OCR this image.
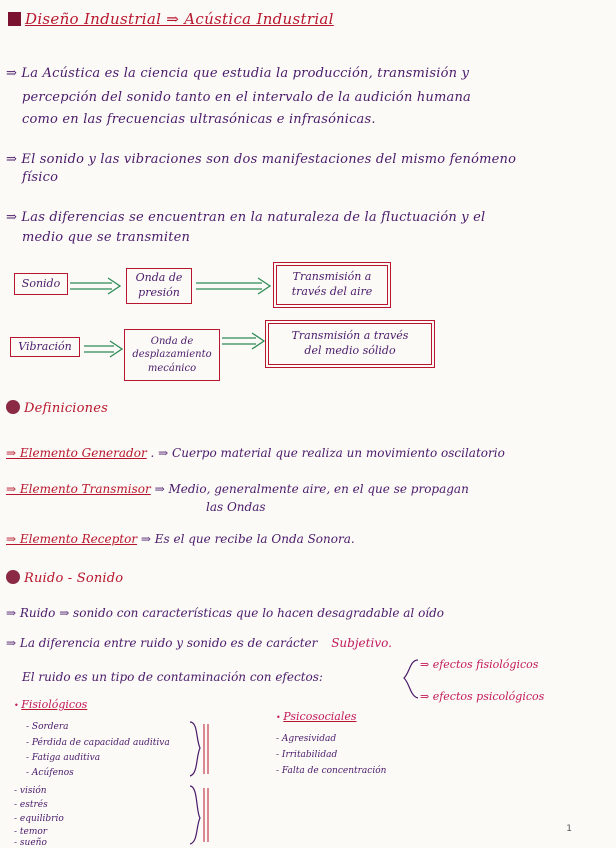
Diseño Industrial ⇒ Acústica Industrial
⇒ La Acústica es la ciencia que estudia la producción, transmisión y
percepción del sonido tanto en el intervalo de la audición humana
como en las frecuencias ultrasónicas e infrasónicas.
⇒ El sonido y las vibraciones son dos manifestaciones del mismo fenómeno
físico
⇒ Las diferencias se encuentran en la naturaleza de la fluctuación y el
medio que se transmiten
Sonido	Onda de
presión
Transmisión a
través del aire
Vibración	Onda de
desplazamiento
mecánico
Transmisión a través
del medio sólido
Definiciones
⇒ Elemento Generador . ⇒ Cuerpo material que realiza un movimiento oscilatorio
⇒ Elemento Transmisor ⇒ Medio, generalmente aire, en el que se propagan
las Ondas
⇒ Elemento Receptor ⇒ Es el que recibe la Onda Sonora.
Ruido - Sonido
⇒ Ruido ⇒ sonido con características que lo hacen desagradable al oído
⇒ La diferencia entre ruido y sonido es de carácter Subjetivo.
El ruido es un tipo de contaminación con efectos:
⇒ efectos fisiológicos
⇒ efectos psicológicos
• Fisiológicos
- Sordera
- Pérdida de capacidad auditiva
- Fatiga auditiva
- Acúfenos
- visión
- estrés
- equilibrio
- temor
- sueño
• Psicosociales
- Agresividad
- Irritabilidad
- Falta de concentración
1
